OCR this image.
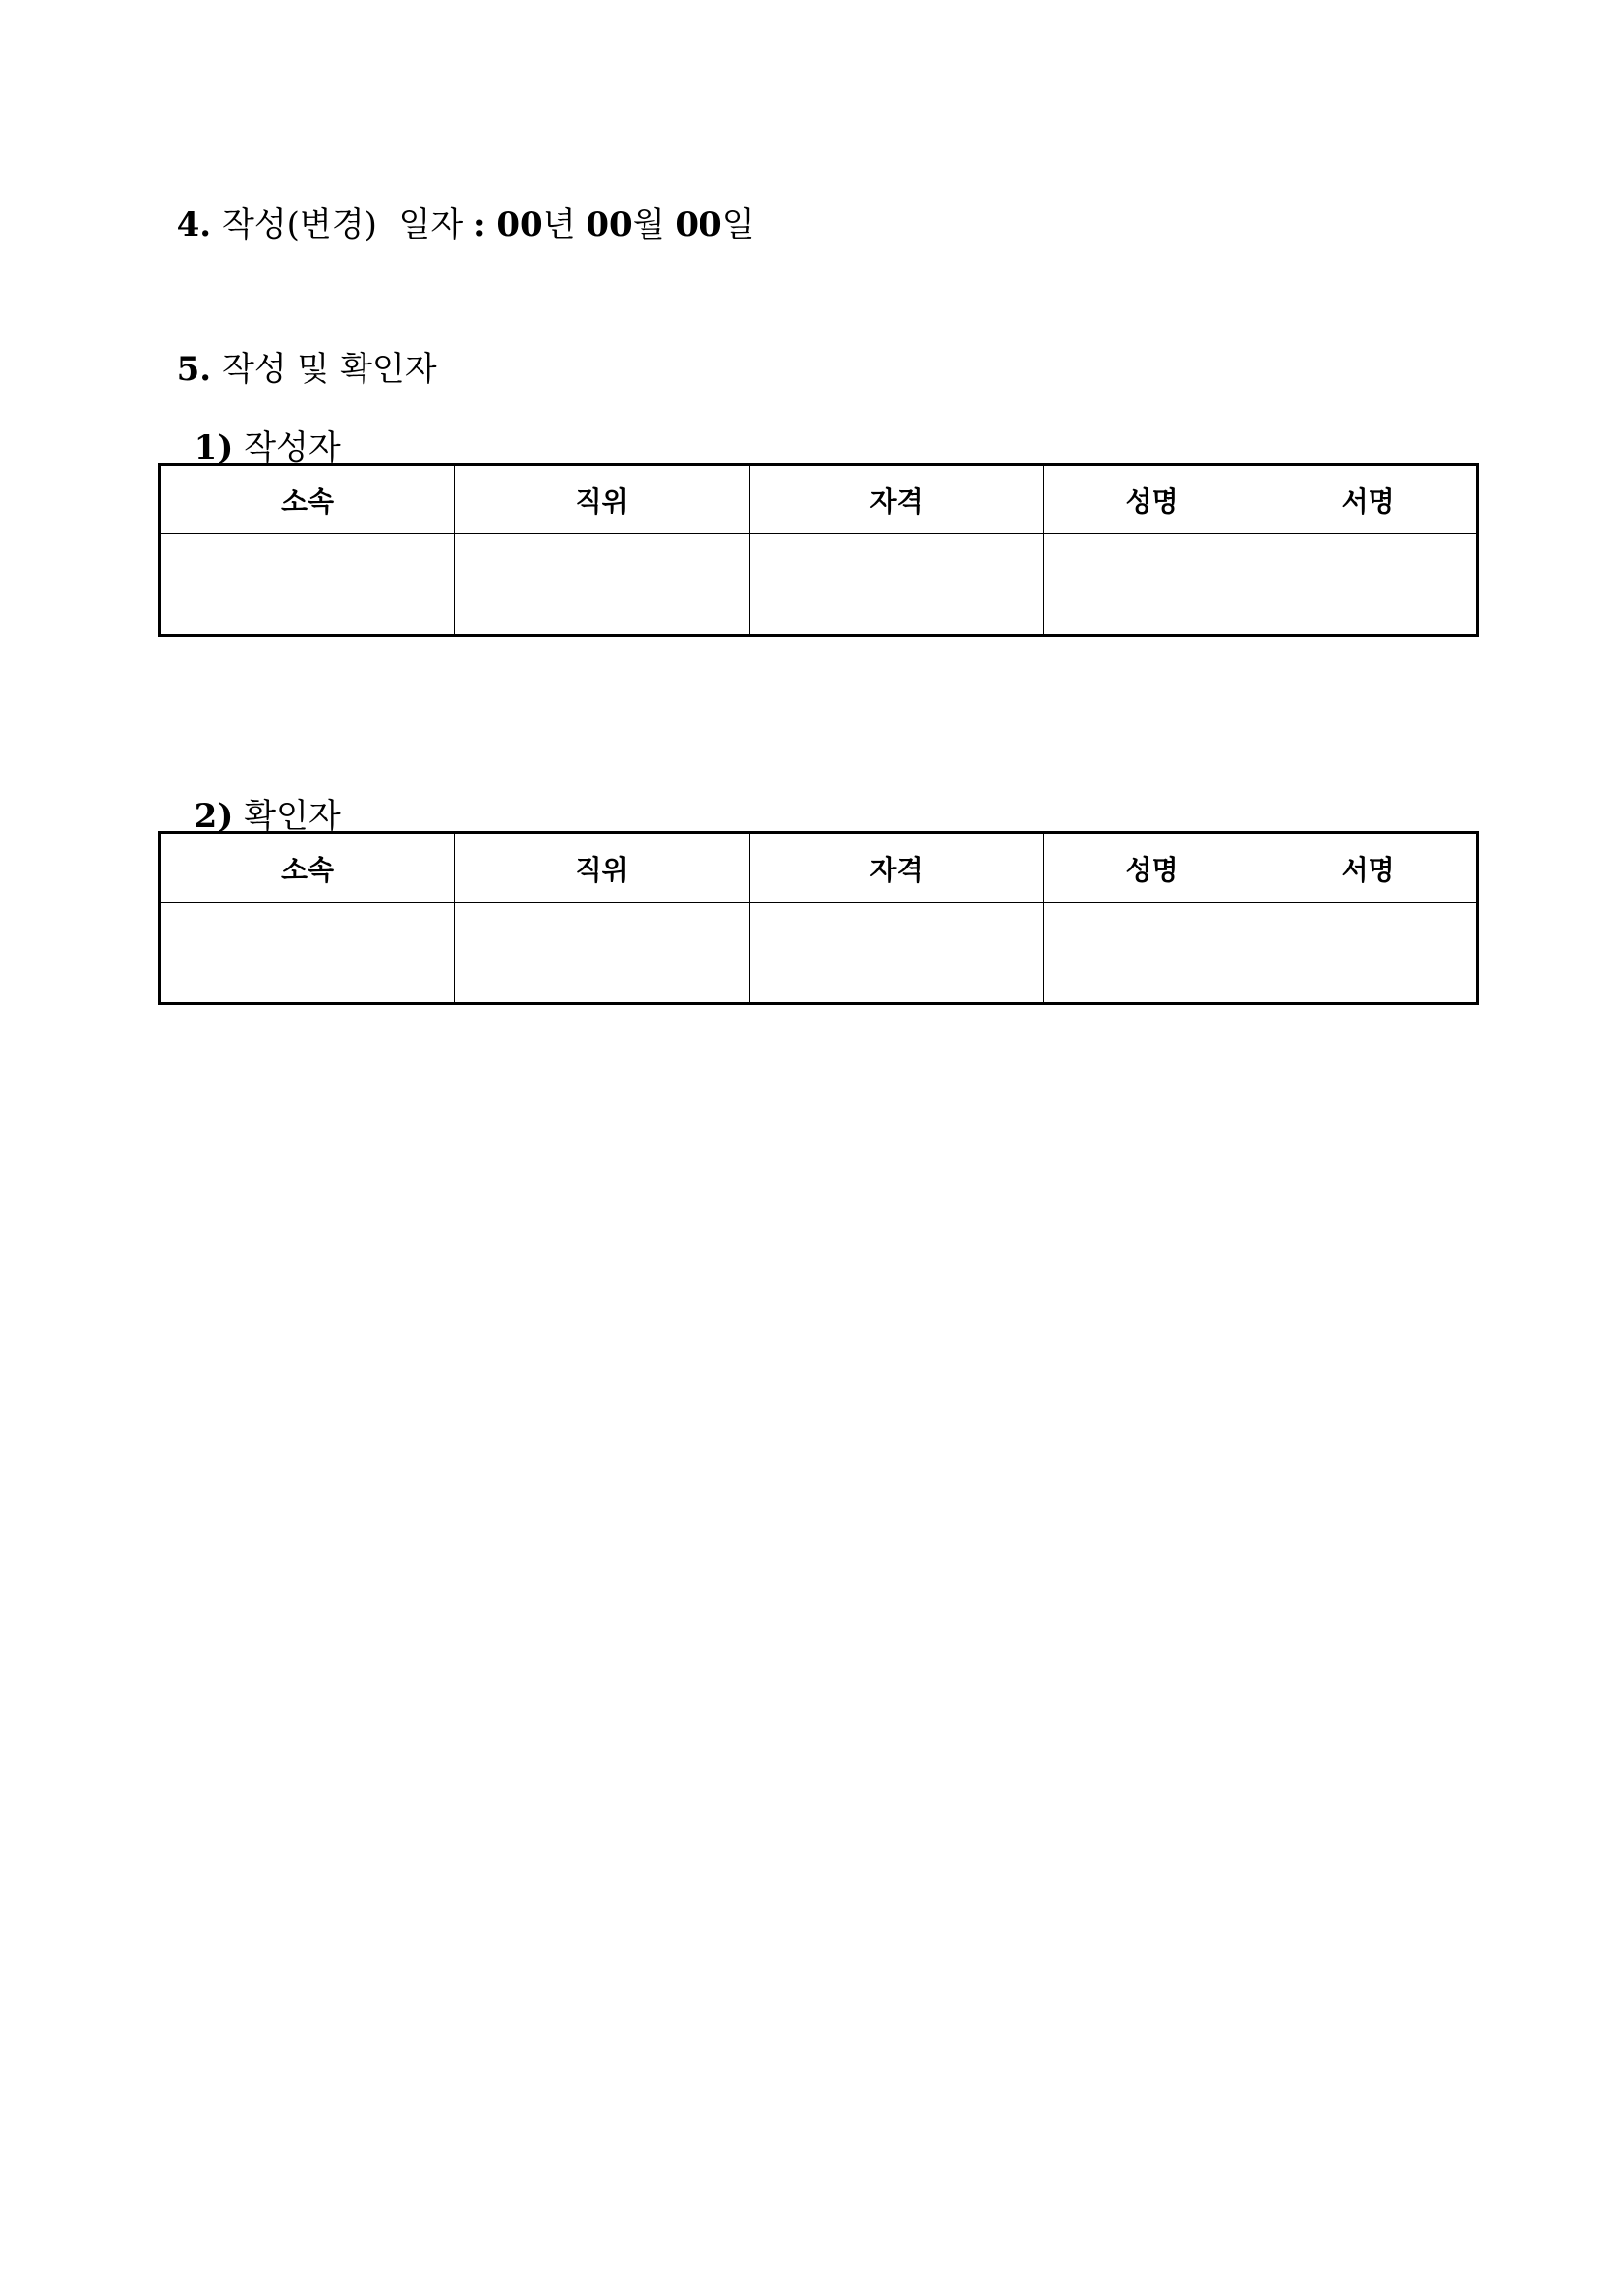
4. 작성(변경) 일자 : 00년 00월 00일

5. 작성 및 확인자

1) 작성자

소속	직위	자격	성명	서명

2) 확인자

소속	직위	자격	성명	서명
